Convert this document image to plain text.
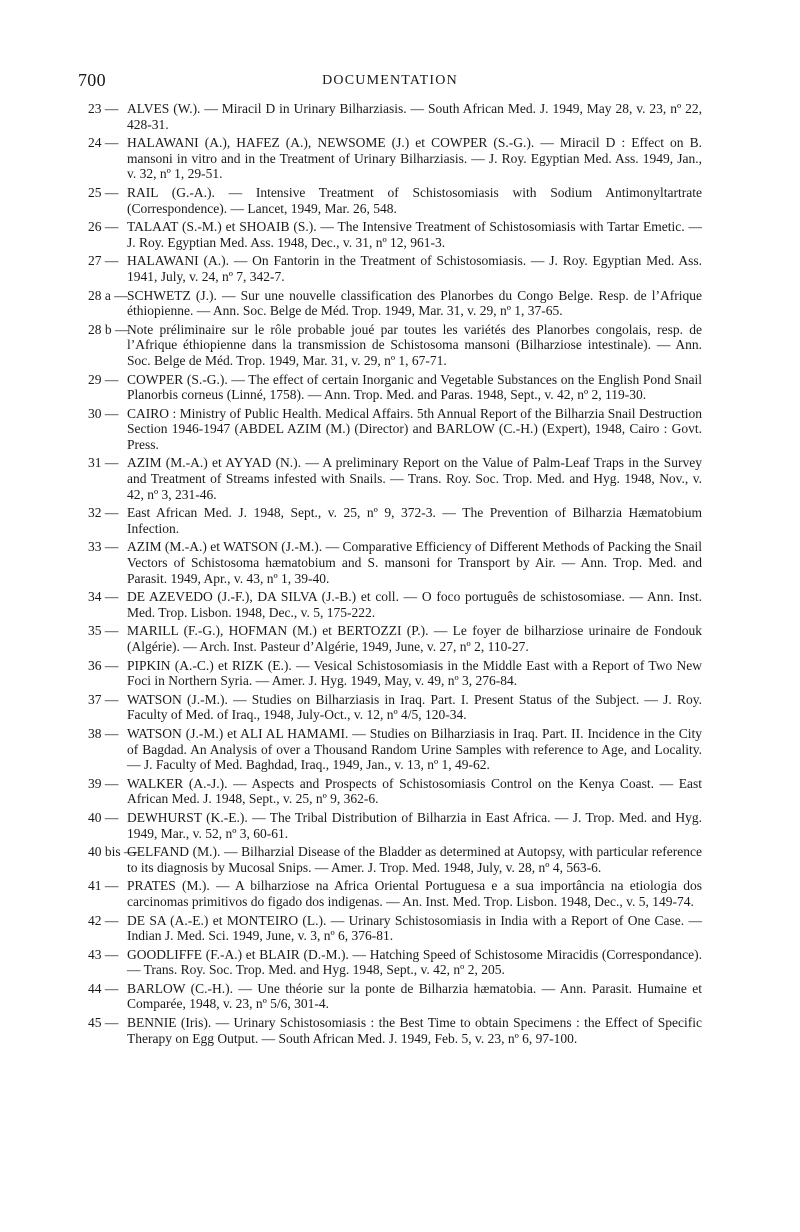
700	DOCUMENTATION
23 — ALVES (W.). — Miracil D in Urinary Bilharziasis. — South African Med. J. 1949, May 28, v. 23, nº 22, 428-31.
24 — HALAWANI (A.), HAFEZ (A.), NEWSOME (J.) et COWPER (S.-G.). — Miracil D : Effect on B. mansoni in vitro and in the Treatment of Urinary Bilharziasis. — J. Roy. Egyptian Med. Ass. 1949, Jan., v. 32, nº 1, 29-51.
25 — RAIL (G.-A.). — Intensive Treatment of Schistosomiasis with Sodium Antimonyltartrate (Correspondence). — Lancet, 1949, Mar. 26, 548.
26 — TALAAT (S.-M.) et SHOAIB (S.). — The Intensive Treatment of Schistosomiasis with Tartar Emetic. — J. Roy. Egyptian Med. Ass. 1948, Dec., v. 31, nº 12, 961-3.
27 — HALAWANI (A.). — On Fantorin in the Treatment of Schistosomiasis. — J. Roy. Egyptian Med. Ass. 1941, July, v. 24, nº 7, 342-7.
28 a — SCHWETZ (J.). — Sur une nouvelle classification des Planorbes du Congo Belge. Resp. de l’Afrique éthiopienne. — Ann. Soc. Belge de Méd. Trop. 1949, Mar. 31, v. 29, nº 1, 37-65.
28 b —
Note préliminaire sur le rôle probable joué par toutes les variétés des Planorbes congolais, resp. de l’Afrique éthiopienne dans la transmission de Schistosoma mansoni (Bilharziose intestinale). — Ann. Soc. Belge de Méd. Trop. 1949, Mar. 31, v. 29, nº 1, 67-71.
29 — COWPER (S.-G.). — The effect of certain Inorganic and Vegetable Substances on the English Pond Snail Planorbis corneus (Linné, 1758). — Ann. Trop. Med. and Paras. 1948, Sept., v. 42, nº 2, 119-30.
30 — CAIRO : Ministry of Public Health. Medical Affairs. 5th Annual Report of the Bilharzia Snail Destruction Section 1946-1947 (ABDEL AZIM (M.) (Director) and BARLOW (C.-H.) (Expert), 1948, Cairo : Govt. Press.
31 — AZIM (M.-A.) et AYYAD (N.). — A preliminary Report on the Value of Palm-Leaf Traps in the Survey and Treatment of Streams infested with Snails. — Trans. Roy. Soc. Trop. Med. and Hyg. 1948, Nov., v. 42, nº 3, 231-46.
32 — East African Med. J. 1948, Sept., v. 25, nº 9, 372-3. — The Prevention of Bilharzia Hæmatobium Infection.
33 — AZIM (M.-A.) et WATSON (J.-M.). — Comparative Efficiency of Different Methods of Packing the Snail Vectors of Schistosoma hæmatobium and S. mansoni for Transport by Air. — Ann. Trop. Med. and Parasit. 1949, Apr., v. 43, nº 1, 39-40.
34 — DE AZEVEDO (J.-F.), DA SILVA (J.-B.) et coll. — O foco português de schistosomiase. — Ann. Inst. Med. Trop. Lisbon. 1948, Dec., v. 5, 175-222.
35 — MARILL (F.-G.), HOFMAN (M.) et BERTOZZI (P.). — Le foyer de bilharziose urinaire de Fondouk (Algérie). — Arch. Inst. Pasteur d’Algérie, 1949, June, v. 27, nº 2, 110-27.
36 — PIPKIN (A.-C.) et RIZK (E.). — Vesical Schistosomiasis in the Middle East with a Report of Two New Foci in Northern Syria. — Amer. J. Hyg. 1949, May, v. 49, nº 3, 276-84.
37 — WATSON (J.-M.). — Studies on Bilharziasis in Iraq. Part. I. Present Status of the Subject. — J. Roy. Faculty of Med. of Iraq., 1948, July-Oct., v. 12, nº 4/5, 120-34.
38 — WATSON (J.-M.) et ALI AL HAMAMI. — Studies on Bilharziasis in Iraq. Part. II. Incidence in the City of Bagdad. An Analysis of over a Thousand Random Urine Samples with reference to Age, and Locality. — J. Faculty of Med. Baghdad, Iraq., 1949, Jan., v. 13, nº 1, 49-62.
39 — WALKER (A.-J.). — Aspects and Prospects of Schistosomiasis Control on the Kenya Coast. — East African Med. J. 1948, Sept., v. 25, nº 9, 362-6.
40 — DEWHURST (K.-E.). — The Tribal Distribution of Bilharzia in East Africa. — J. Trop. Med. and Hyg. 1949, Mar., v. 52, nº 3, 60-61.
40 bis —
GELFAND (M.). — Bilharzial Disease of the Bladder as determined at Autopsy, with particular reference to its diagnosis by Mucosal Snips. — Amer. J. Trop. Med. 1948, July, v. 28, nº 4, 563-6.
41 — PRATES (M.). — A bilharziose na Africa Oriental Portuguesa e a sua importância na etiologia dos carcinomas primitivos do figado dos indigenas. — An. Inst. Med. Trop. Lisbon. 1948, Dec., v. 5, 149-74.
42 — DE SA (A.-E.) et MONTEIRO (L.). — Urinary Schistosomiasis in India with a Report of One Case. — Indian J. Med. Sci. 1949, June, v. 3, nº 6, 376-81.
43 — GOODLIFFE (F.-A.) et BLAIR (D.-M.). — Hatching Speed of Schistosome Miracidis (Correspondance). — Trans. Roy. Soc. Trop. Med. and Hyg. 1948, Sept., v. 42, nº 2, 205.
44 — BARLOW (C.-H.). — Une théorie sur la ponte de Bilharzia hæmatobia. — Ann. Parasit. Humaine et Comparée, 1948, v. 23, nº 5/6, 301-4.
45 — BENNIE (Iris). — Urinary Schistosomiasis : the Best Time to obtain Specimens : the Effect of Specific Therapy on Egg Output. — South African Med. J. 1949, Feb. 5, v. 23, nº 6, 97-100.
